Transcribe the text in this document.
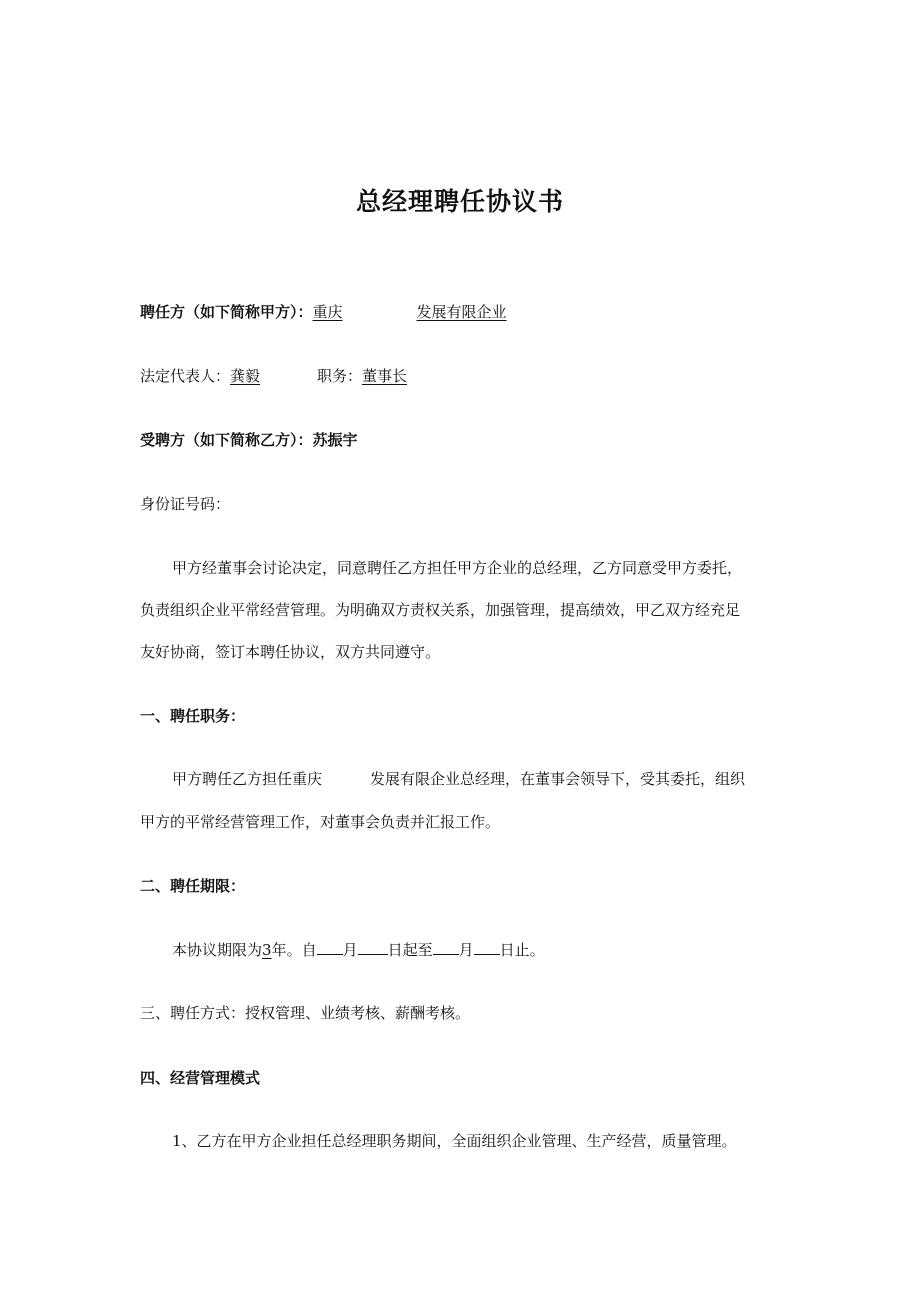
总经理聘任协议书
聘任方（如下简称甲方）：重庆	发展有限企业
法定代表人：龚毅	职务：董事长
受聘方（如下简称乙方）：苏振宇
身份证号码：
甲方经董事会讨论决定，同意聘任乙方担任甲方企业的总经理，乙方同意受甲方委托，
负责组织企业平常经营管理。为明确双方责权关系，加强管理，提高绩效，甲乙双方经充足
友好协商，签订本聘任协议，双方共同遵守。
一、聘任职务：
甲方聘任乙方担任重庆	发展有限企业总经理，在董事会领导下，受其委托，组织
甲方的平常经营管理工作，对董事会负责并汇报工作。
二、聘任期限：
本协议期限为3年。自 月 日起至 月 日止。
三、聘任方式：授权管理、业绩考核、薪酬考核。
四、经营管理模式
1、乙方在甲方企业担任总经理职务期间，全面组织企业管理、生产经营，质量管理。
